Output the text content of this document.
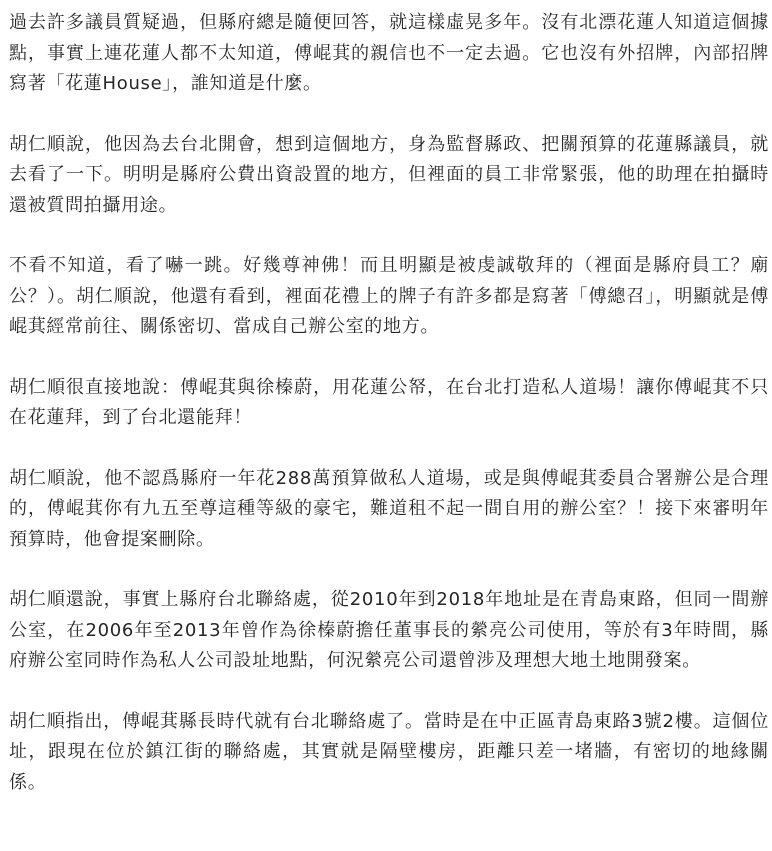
過去許多議員質疑過，但縣府總是隨便回答，就這樣虛晃多年。沒有北漂花蓮人知道這個據點，事實上連花蓮人都不太知道，傅崐萁的親信也不一定去過。它也沒有外招牌，內部招牌寫著「花蓮House」，誰知道是什麼。

胡仁順說，他因為去台北開會，想到這個地方，身為監督縣政、把關預算的花蓮縣議員，就去看了一下。明明是縣府公費出資設置的地方，但裡面的員工非常緊張，他的助理在拍攝時還被質問拍攝用途。

不看不知道，看了嚇一跳。好幾尊神佛！而且明顯是被虔誠敬拜的（裡面是縣府員工？廟公？）。胡仁順說，他還有看到，裡面花禮上的牌子有許多都是寫著「傅總召」，明顯就是傅崐萁經常前往、關係密切、當成自己辦公室的地方。

胡仁順很直接地說：傅崐萁與徐榛蔚，用花蓮公帑，在台北打造私人道場！讓你傅崐萁不只在花蓮拜，到了台北還能拜！

胡仁順說，他不認爲縣府一年花288萬預算做私人道場，或是與傅崐萁委員合署辦公是合理的，傅崐萁你有九五至尊這種等級的豪宅，難道租不起一間自用的辦公室？！接下來審明年預算時，他會提案刪除。

胡仁順還說，事實上縣府台北聯絡處，從2010年到2018年地址是在青島東路，但同一間辦公室，在2006年至2013年曾作為徐榛蔚擔任董事長的縈亮公司使用，等於有3年時間，縣府辦公室同時作為私人公司設址地點，何況縈亮公司還曾涉及理想大地土地開發案。

胡仁順指出，傅崐萁縣長時代就有台北聯絡處了。當時是在中正區青島東路3號2樓。這個位址，跟現在位於鎮江街的聯絡處，其實就是隔壁樓房，距離只差一堵牆，有密切的地緣關係。
